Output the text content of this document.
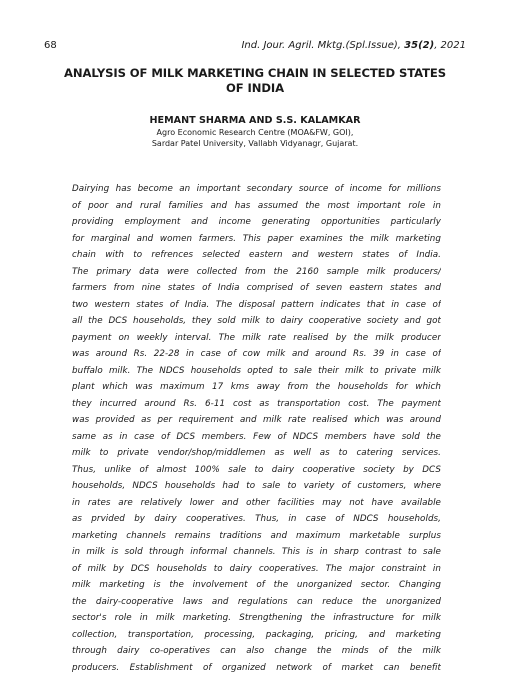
68	Ind. Jour. Agril. Mktg.(Spl.Issue), 35(2), 2021
ANALYSIS OF MILK MARKETING CHAIN IN SELECTED STATES
OF INDIA

HEMANT SHARMA AND S.S. KALAMKAR

Agro Economic Research Centre (MOA&FW, GOI),
Sardar Patel University, Vallabh Vidyanagr, Gujarat.

Dairying has become an important secondary source of income for millions
of poor and rural families and has assumed the most important role in
providing employment and income generating opportunities particularly
for marginal and women farmers. This paper examines the milk marketing
chain with to refrences selected eastern and western states of India.
The primary data were collected from the 2160 sample milk producers/
farmers from nine states of India comprised of seven eastern states and
two western states of India. The disposal pattern indicates that in case of
all the DCS households, they sold milk to dairy cooperative society and got
payment on weekly interval. The milk rate realised by the milk producer
was around Rs. 22-28 in case of cow milk and around Rs. 39 in case of
buffalo milk. The NDCS households opted to sale their milk to private milk
plant which was maximum 17 kms away from the households for which
they incurred around Rs. 6-11 cost as transportation cost. The payment
was provided as per requirement and milk rate realised which was around
same as in case of DCS members. Few of NDCS members have sold the
milk to private vendor/shop/middlemen as well as to catering services.
Thus, unlike of almost 100% sale to dairy cooperative society by DCS
households, NDCS households had to sale to variety of customers, where
in rates are relatively lower and other facilities may not have available
as prvided by dairy cooperatives. Thus, in case of NDCS households,
marketing channels remains traditions and maximum marketable surplus
in milk is sold through informal channels. This is in sharp contrast to sale
of milk by DCS households to dairy cooperatives. The major constraint in
milk marketing is the involvement of the unorganized sector. Changing
the dairy-cooperative laws and regulations can reduce the unorganized
sector's role in milk marketing. Strengthening the infrastructure for milk
collection, transportation, processing, packaging, pricing, and marketing
through dairy co-operatives can also change the minds of the milk
producers. Establishment of organized network of market can benefit
